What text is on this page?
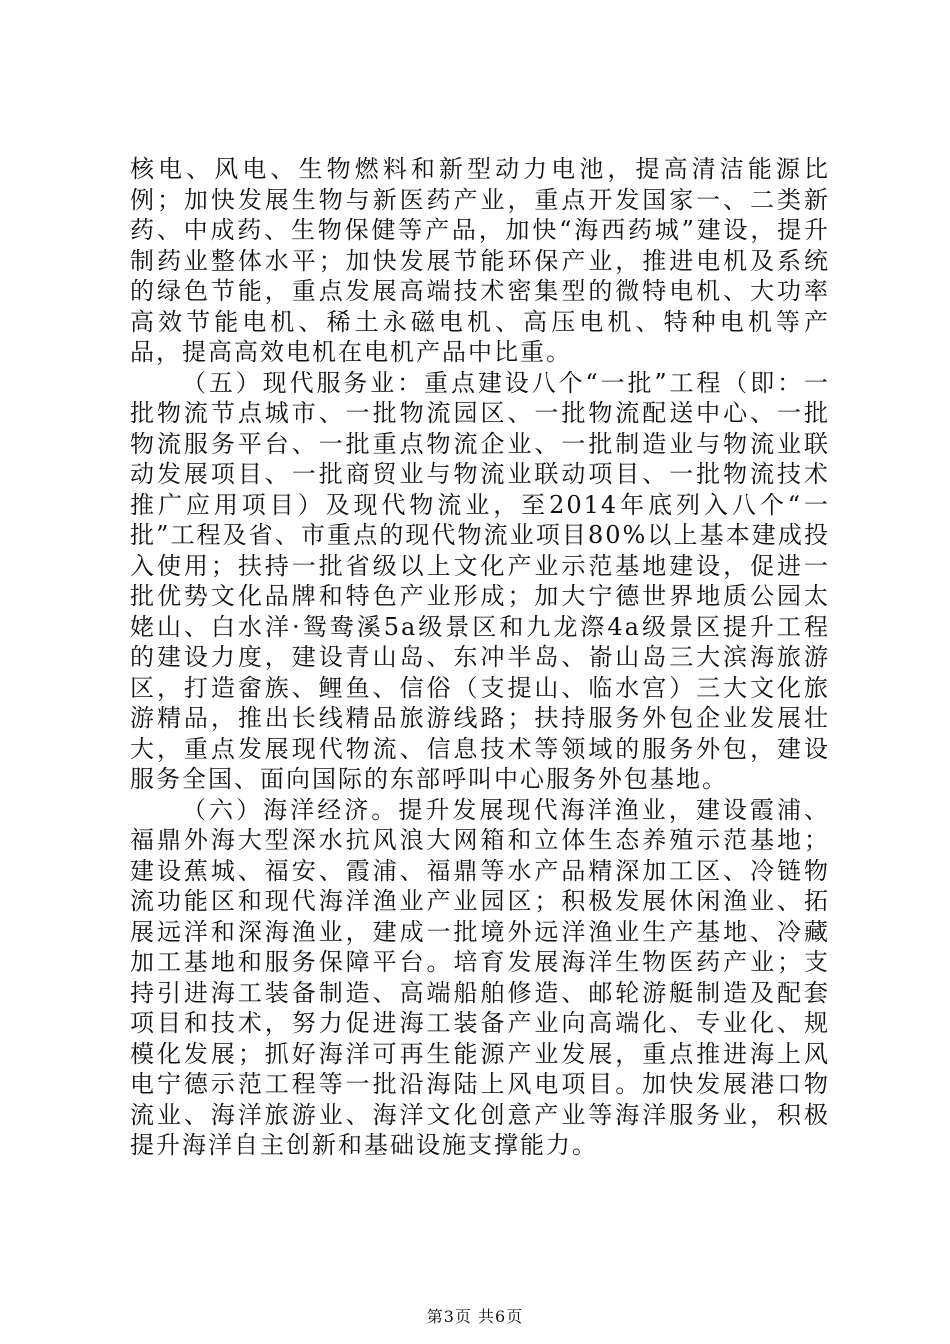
核电、风电、生物燃料和新型动力电池，提高清洁能源比例；加快发展生物与新医药产业，重点开发国家一、二类新药、中成药、生物保健等产品，加快“海西药城”建设，提升制药业整体水平；加快发展节能环保产业，推进电机及系统的绿色节能，重点发展高端技术密集型的微特电机、大功率高效节能电机、稀土永磁电机、高压电机、特种电机等产品，提高高效电机在电机产品中比重。

（五）现代服务业：重点建设八个“一批”工程（即：一批物流节点城市、一批物流园区、一批物流配送中心、一批物流服务平台、一批重点物流企业、一批制造业与物流业联动发展项目、一批商贸业与物流业联动项目、一批物流技术推广应用项目）及现代物流业，至2014年底列入八个“一批”工程及省、市重点的现代物流业项目80%以上基本建成投入使用；扶持一批省级以上文化产业示范基地建设，促进一批优势文化品牌和特色产业形成；加大宁德世界地质公园太姥山、白水洋·鸳鸯溪5a级景区和九龙漈4a级景区提升工程的建设力度，建设青山岛、东冲半岛、嵛山岛三大滨海旅游区，打造畲族、鲤鱼、信俗（支提山、临水宫）三大文化旅游精品，推出长线精品旅游线路；扶持服务外包企业发展壮大，重点发展现代物流、信息技术等领域的服务外包，建设服务全国、面向国际的东部呼叫中心服务外包基地。

（六）海洋经济。提升发展现代海洋渔业，建设霞浦、福鼎外海大型深水抗风浪大网箱和立体生态养殖示范基地；建设蕉城、福安、霞浦、福鼎等水产品精深加工区、冷链物流功能区和现代海洋渔业产业园区；积极发展休闲渔业、拓展远洋和深海渔业，建成一批境外远洋渔业生产基地、冷藏加工基地和服务保障平台。培育发展海洋生物医药产业；支持引进海工装备制造、高端船舶修造、邮轮游艇制造及配套项目和技术，努力促进海工装备产业向高端化、专业化、规模化发展；抓好海洋可再生能源产业发展，重点推进海上风电宁德示范工程等一批沿海陆上风电项目。加快发展港口物流业、海洋旅游业、海洋文化创意产业等海洋服务业，积极提升海洋自主创新和基础设施支撑能力。

第3页 共6页
